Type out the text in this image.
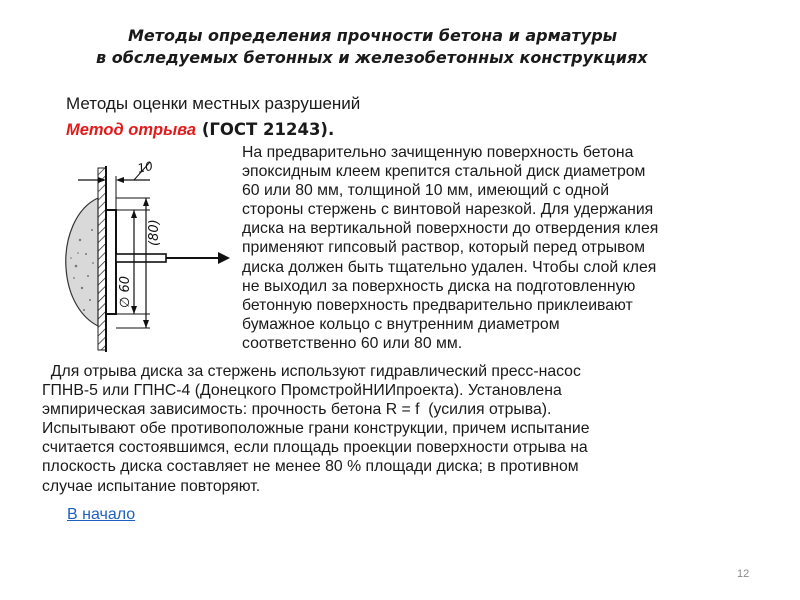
Методы определения прочности бетона и арматуры
в обследуемых бетонных и железобетонных конструкциях
Методы оценки местных разрушений
Метод отрыва (ГОСТ 21243).
10
∅ 60
(80)
На предварительно зачищенную поверхность бетона
эпоксидным клеем крепится стальной диск диаметром
60 или 80 мм, толщиной 10 мм, имеющий с одной
стороны стержень с винтовой нарезкой. Для удержания
диска на вертикальной поверхности до отвердения клея
применяют гипсовый раствор, который перед отрывом
диска должен быть тщательно удален. Чтобы слой клея
не выходил за поверхность диска на подготовленную
бетонную поверхность предварительно приклеивают
бумажное кольцо с внутренним диаметром
соответственно 60 или 80 мм.
Для отрыва диска за стержень используют гидравлический пресс-насос
ГПНВ-5 или ГПНС-4 (Донецкого ПромстройНИИпроекта). Установлена
эмпирическая зависимость: прочность бетона R = f  (усилия отрыва).
Испытывают обе противоположные грани конструкции, причем испытание
считается состоявшимся, если площадь проекции поверхности отрыва на
плоскость диска составляет не менее 80 % площади диска; в противном
случае испытание повторяют.
В начало
12
